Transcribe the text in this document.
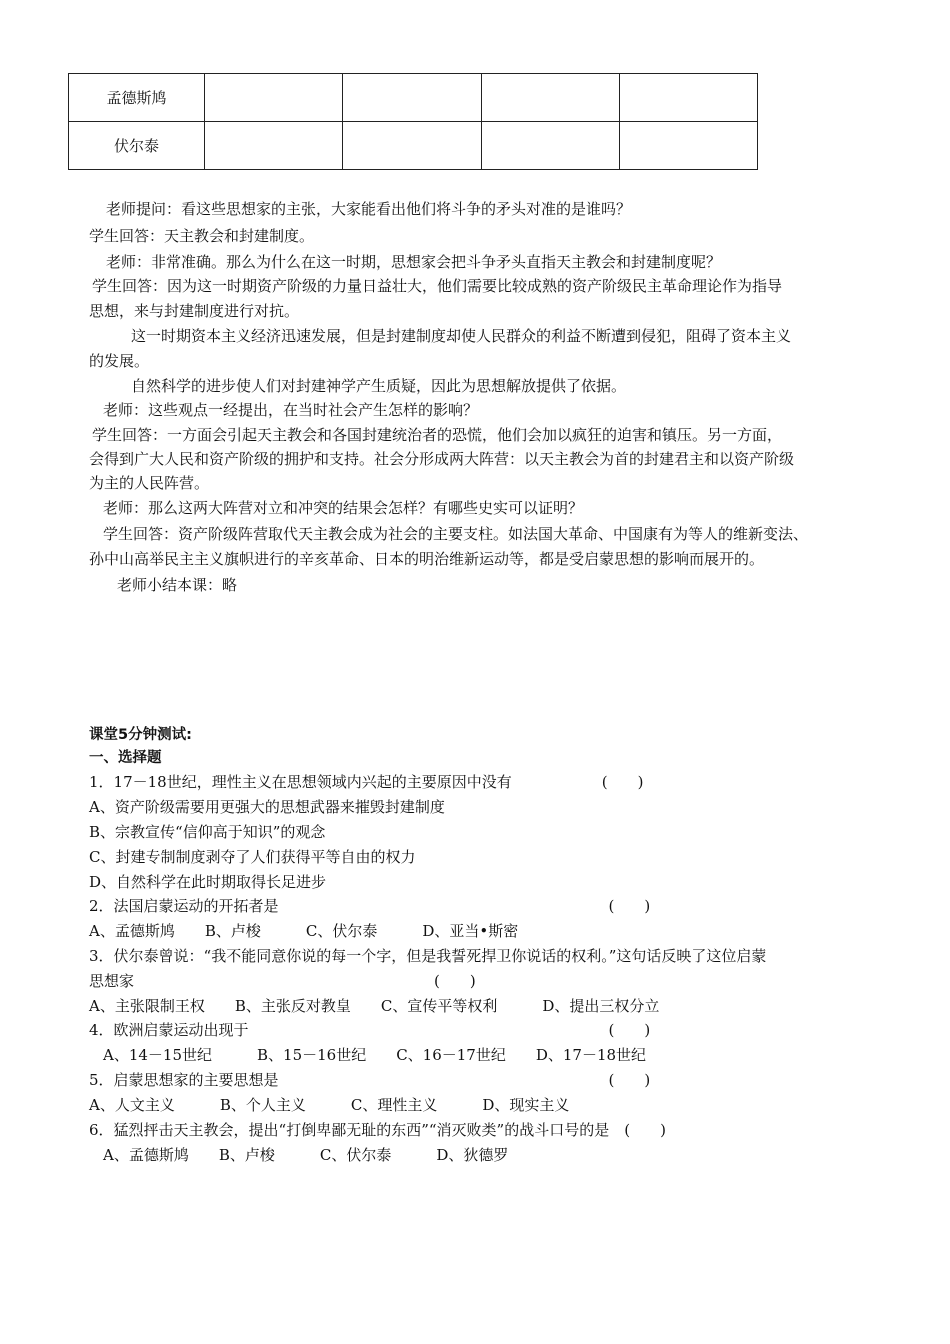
孟德斯鸠				
伏尔泰				
老师提问：看这些思想家的主张，大家能看出他们将斗争的矛头对准的是谁吗？
学生回答：天主教会和封建制度。
老师：非常准确。那么为什么在这一时期，思想家会把斗争矛头直指天主教会和封建制度呢？
学生回答：因为这一时期资产阶级的力量日益壮大，他们需要比较成熟的资产阶级民主革命理论作为指导
思想，来与封建制度进行对抗。
这一时期资本主义经济迅速发展，但是封建制度却使人民群众的利益不断遭到侵犯，阻碍了资本主义
的发展。
自然科学的进步使人们对封建神学产生质疑，因此为思想解放提供了依据。
老师：这些观点一经提出，在当时社会产生怎样的影响？
学生回答：一方面会引起天主教会和各国封建统治者的恐慌，他们会加以疯狂的迫害和镇压。另一方面，
会得到广大人民和资产阶级的拥护和支持。社会分形成两大阵营：以天主教会为首的封建君主和以资产阶级
为主的人民阵营。
老师：那么这两大阵营对立和冲突的结果会怎样？有哪些史实可以证明？
学生回答：资产阶级阵营取代天主教会成为社会的主要支柱。如法国大革命、中国康有为等人的维新变法、
孙中山高举民主主义旗帜进行的辛亥革命、日本的明治维新运动等，都是受启蒙思想的影响而展开的。
老师小结本课：略
课堂5分钟测试:
一、选择题
1．17－18世纪，理性主义在思想领域内兴起的主要原因中没有　　　　　　(　　)
A、资产阶级需要用更强大的思想武器来摧毁封建制度
B、宗教宣传“信仰高于知识”的观念
C、封建专制制度剥夺了人们获得平等自由的权力
D、自然科学在此时期取得长足进步
2．法国启蒙运动的开拓者是　　　　　　　　　　　　　　　　　　　　　　(　　)
A、孟德斯鸠　　B、卢梭　　　C、伏尔泰　　　D、亚当•斯密
3．伏尔泰曾说：“我不能同意你说的每一个字，但是我誓死捍卫你说话的权利。”这句话反映了这位启蒙
思想家　　　　　　　　　　　　　　　　　　　　(　　)
A、主张限制王权　　B、主张反对教皇　　C、宣传平等权利　　　D、提出三权分立
4．欧洲启蒙运动出现于　　　　　　　　　　　　　　　　　　　　　　　　(　　)
A、14－15世纪　　　B、15－16世纪　　C、16－17世纪　　D、17－18世纪
5．启蒙思想家的主要思想是　　　　　　　　　　　　　　　　　　　　　　(　　)
A、人文主义　　　B、个人主义　　　C、理性主义　　　D、现实主义
6．猛烈抨击天主教会，提出“打倒卑鄙无耻的东西”“消灭败类”的战斗口号的是　(　　)
A、孟德斯鸠　　B、卢梭　　　C、伏尔泰　　　D、狄德罗
